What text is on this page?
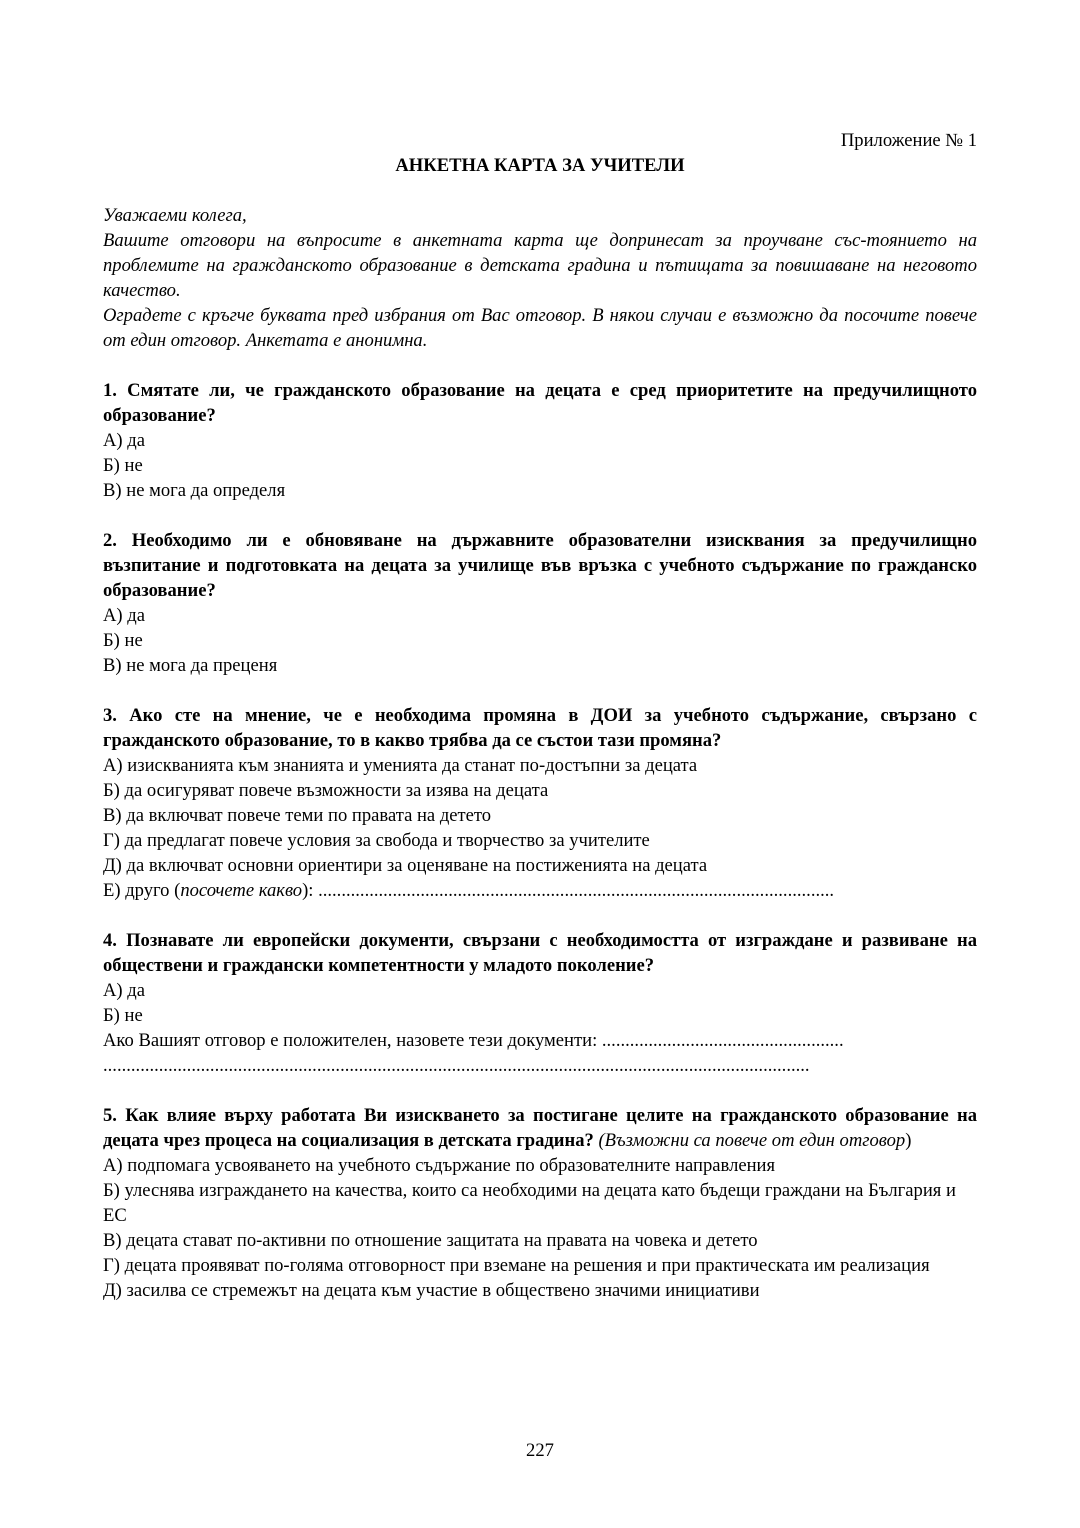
Приложение № 1

АНКЕТНА КАРТА ЗА УЧИТЕЛИ

Уважаеми колега,

Вашите отговори на въпросите в анкетната карта ще допринесат за проучване със-тоянието на проблемите на гражданското образование в детската градина и пътищата за повишаване на неговото качество.

Оградете с кръгче буквата пред избрания от Вас отговор. В някои случаи е възможно да посочите повече от един отговор. Анкетата е анонимна.

1. Смятате ли, че гражданското образование на децата е сред приоритетите на предучилищното образование?

А) да

Б) не

В) не мога да определя

2. Необходимо ли е обновяване на държавните образователни изисквания за предучилищно възпитание и подготовката на децата за училище във връзка с учебното съдържание по гражданско образование?

А) да

Б) не

В) не мога да преценя

3. Ако сте на мнение, че е необходима промяна в ДОИ за учебното съдържание, свързано с гражданското образование, то в какво трябва да се състои тази промяна?

А) изискванията към знанията и уменията да станат по-достъпни за децата

Б) да осигуряват повече възможности за изява на децата

В) да включват повече теми по правата на детето

Г) да предлагат повече условия за свобода и творчество за учителите

Д) да включват основни ориентири за оценяване на постиженията на децата

Е) друго (посочете какво): ...............................................................................................................

4. Познавате ли европейски документи, свързани с необходимостта от изграждане и развиване на обществени и граждански компетентности у младото поколение?

А) да

Б) не

Ако Вашият отговор е положителен, назовете тези документи: ....................................................

........................................................................................................................................................

5. Как влияе върху работата Ви изискването за постигане целите на гражданското образование на децата чрез процеса на социализация в детската градина? (Възможни са повече от един отговор)

А) подпомага усвояването на учебното съдържание по образователните направления

Б) улеснява изграждането на качества, които са необходими на децата като бъдещи граждани на България и ЕС

В) децата стават по-активни по отношение защитата на правата на човека и детето

Г) децата проявяват по-голяма отговорност при вземане на решения и при практическата им реализация

Д) засилва се стремежът на децата към участие в обществено значими инициативи

227
